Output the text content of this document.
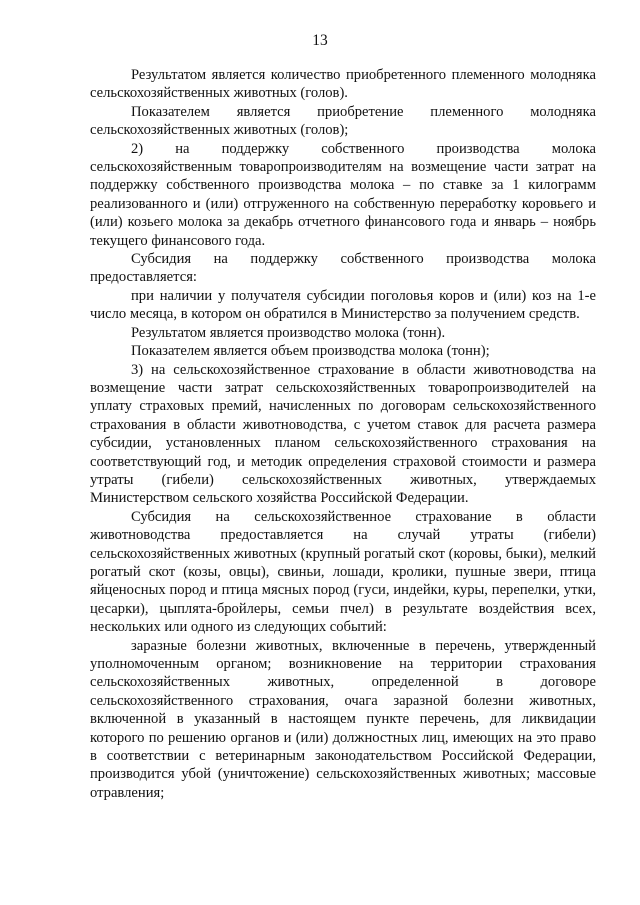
13

Результатом является количество приобретенного племенного молодняка сельскохозяйственных животных (голов).

Показателем является приобретение племенного молодняка сельскохозяйственных животных (голов);

2) на поддержку собственного производства молока сельскохозяйственным товаропроизводителям на возмещение части затрат на поддержку собственного производства молока – по ставке за 1 килограмм реализованного и (или) отгруженного на собственную переработку коровьего и (или) козьего молока за декабрь отчетного финансового года и январь – ноябрь текущего финансового года.

Субсидия на поддержку собственного производства молока предоставляется:

при наличии у получателя субсидии поголовья коров и (или) коз на 1-е число месяца, в котором он обратился в Министерство за получением средств.

Результатом является производство молока (тонн).

Показателем является объем производства молока (тонн);

3) на сельскохозяйственное страхование в области животноводства на возмещение части затрат сельскохозяйственных товаропроизводителей на уплату страховых премий, начисленных по договорам сельскохозяйственного страхования в области животноводства, с учетом ставок для расчета размера субсидии, установленных планом сельскохозяйственного страхования на соответствующий год, и методик определения страховой стоимости и размера утраты (гибели) сельскохозяйственных животных, утверждаемых Министерством сельского хозяйства Российской Федерации.

Субсидия на сельскохозяйственное страхование в области животноводства предоставляется на случай утраты (гибели) сельскохозяйственных животных (крупный рогатый скот (коровы, быки), мелкий рогатый скот (козы, овцы), свиньи, лошади, кролики, пушные звери, птица яйценосных пород и птица мясных пород (гуси, индейки, куры, перепелки, утки, цесарки), цыплята-бройлеры, семьи пчел) в результате воздействия всех, нескольких или одного из следующих событий:

заразные болезни животных, включенные в перечень, утвержденный уполномоченным органом; возникновение на территории страхования сельскохозяйственных животных, определенной в договоре сельскохозяйственного страхования, очага заразной болезни животных, включенной в указанный в настоящем пункте перечень, для ликвидации которого по решению органов и (или) должностных лиц, имеющих на это право в соответствии с ветеринарным законодательством Российской Федерации, производится убой (уничтожение) сельскохозяйственных животных; массовые отравления;
